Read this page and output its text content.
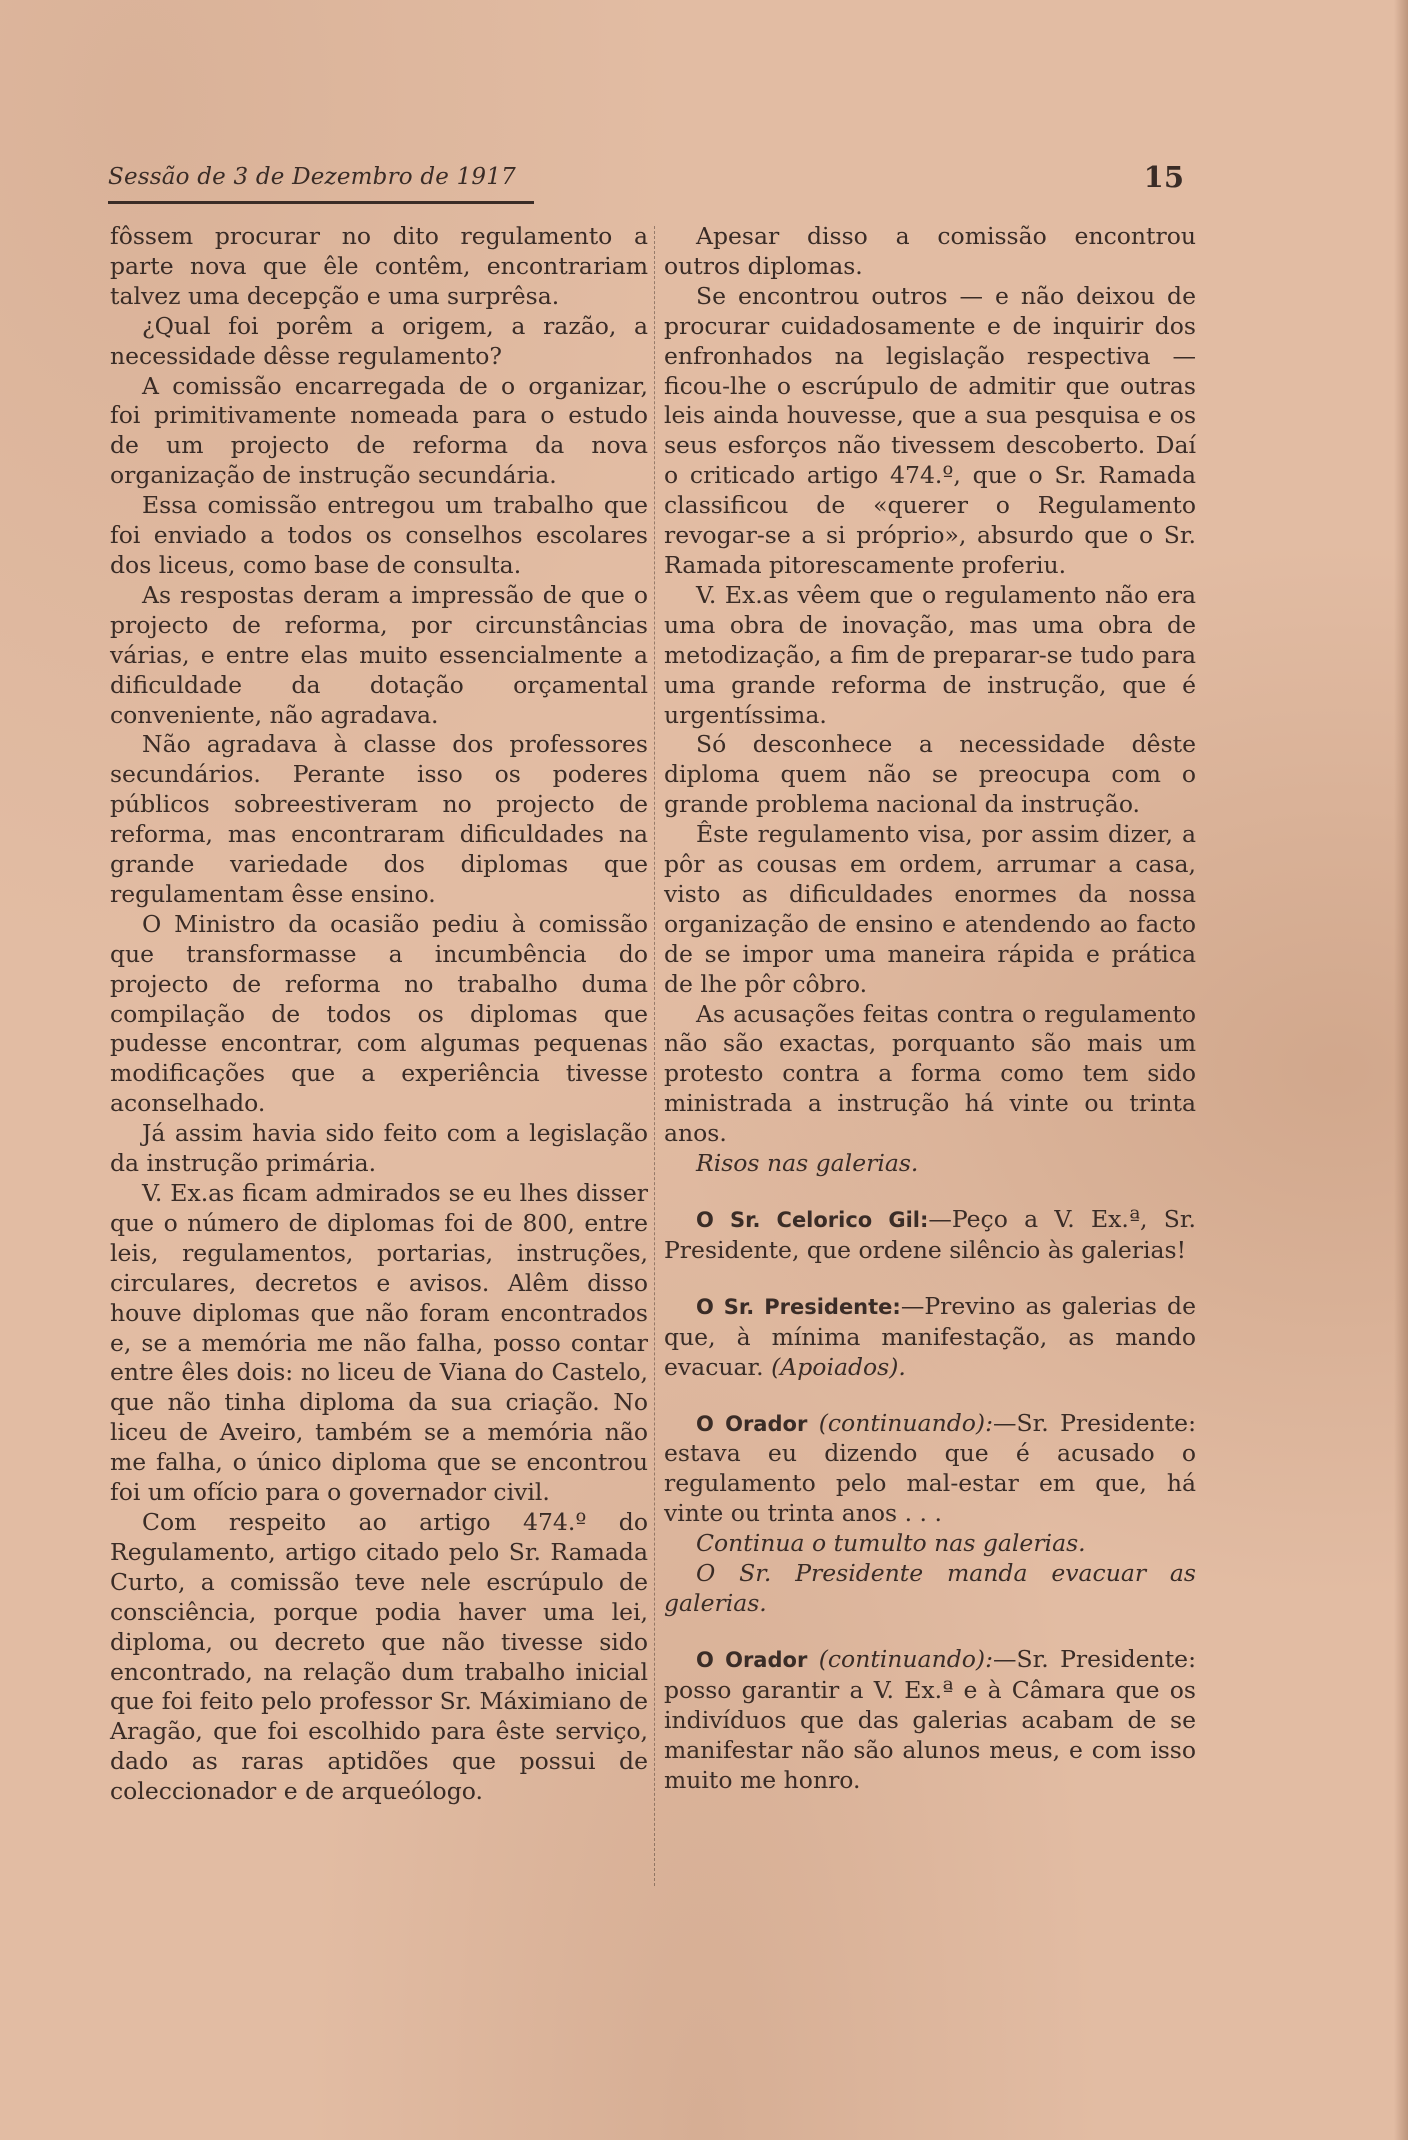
Sessão de 3 de Dezembro de 1917	15

fôssem procurar no dito regulamento a parte nova que êle contêm, encontrariam talvez uma decepção e uma surprêsa.

¿Qual foi porêm a origem, a razão, a necessidade dêsse regulamento?

A comissão encarregada de o organizar, foi primitivamente nomeada para o estudo de um projecto de reforma da nova organização de instrução secundária.

Essa comissão entregou um trabalho que foi enviado a todos os conselhos escolares dos liceus, como base de consulta.

As respostas deram a impressão de que o projecto de reforma, por circunstâncias várias, e entre elas muito essencialmente a dificuldade da dotação orçamental conveniente, não agradava.

Não agradava à classe dos professores secundários. Perante isso os poderes públicos sobreestiveram no projecto de reforma, mas encontraram dificuldades na grande variedade dos diplomas que regulamentam êsse ensino.

O Ministro da ocasião pediu à comissão que transformasse a incumbência do projecto de reforma no trabalho duma compilação de todos os diplomas que pudesse encontrar, com algumas pequenas modificações que a experiência tivesse aconselhado.

Já assim havia sido feito com a legislação da instrução primária.

V. Ex.as ficam admirados se eu lhes disser que o número de diplomas foi de 800, entre leis, regulamentos, portarias, instruções, circulares, decretos e avisos. Alêm disso houve diplomas que não foram encontrados e, se a memória me não falha, posso contar entre êles dois: no liceu de Viana do Castelo, que não tinha diploma da sua criação. No liceu de Aveiro, também se a memória não me falha, o único diploma que se encontrou foi um ofício para o governador civil.

Com respeito ao artigo 474.º do Regulamento, artigo citado pelo Sr. Ramada Curto, a comissão teve nele escrúpulo de consciência, porque podia haver uma lei, diploma, ou decreto que não tivesse sido encontrado, na relação dum trabalho inicial que foi feito pelo professor Sr. Máximiano de Aragão, que foi escolhido para êste serviço, dado as raras aptidões que possui de coleccionador e de arqueólogo.

Apesar disso a comissão encontrou outros diplomas.

Se encontrou outros — e não deixou de procurar cuidadosamente e de inquirir dos enfronhados na legislação respectiva — ficou-lhe o escrúpulo de admitir que outras leis ainda houvesse, que a sua pesquisa e os seus esforços não tivessem descoberto. Daí o criticado artigo 474.º, que o Sr. Ramada classificou de «querer o Regulamento revogar-se a si próprio», absurdo que o Sr. Ramada pitorescamente proferiu.

V. Ex.as vêem que o regulamento não era uma obra de inovação, mas uma obra de metodização, a fim de preparar-se tudo para uma grande reforma de instrução, que é urgentíssima.

Só desconhece a necessidade dêste diploma quem não se preocupa com o grande problema nacional da instrução.

Êste regulamento visa, por assim dizer, a pôr as cousas em ordem, arrumar a casa, visto as dificuldades enormes da nossa organização de ensino e atendendo ao facto de se impor uma maneira rápida e prática de lhe pôr côbro.

As acusações feitas contra o regulamento não são exactas, porquanto são mais um protesto contra a forma como tem sido ministrada a instrução há vinte ou trinta anos.

Risos nas galerias.

O Sr. Celorico Gil:—Peço a V. Ex.ª, Sr. Presidente, que ordene silêncio às galerias!

O Sr. Presidente:—Previno as galerias de que, à mínima manifestação, as mando evacuar. (Apoiados).

O Orador (continuando):—Sr. Presidente: estava eu dizendo que é acusado o regulamento pelo mal-estar em que, há vinte ou trinta anos . . .

Continua o tumulto nas galerias.

O Sr. Presidente manda evacuar as galerias.

O Orador (continuando):—Sr. Presidente: posso garantir a V. Ex.ª e à Câmara que os indivíduos que das galerias acabam de se manifestar não são alunos meus, e com isso muito me honro.
